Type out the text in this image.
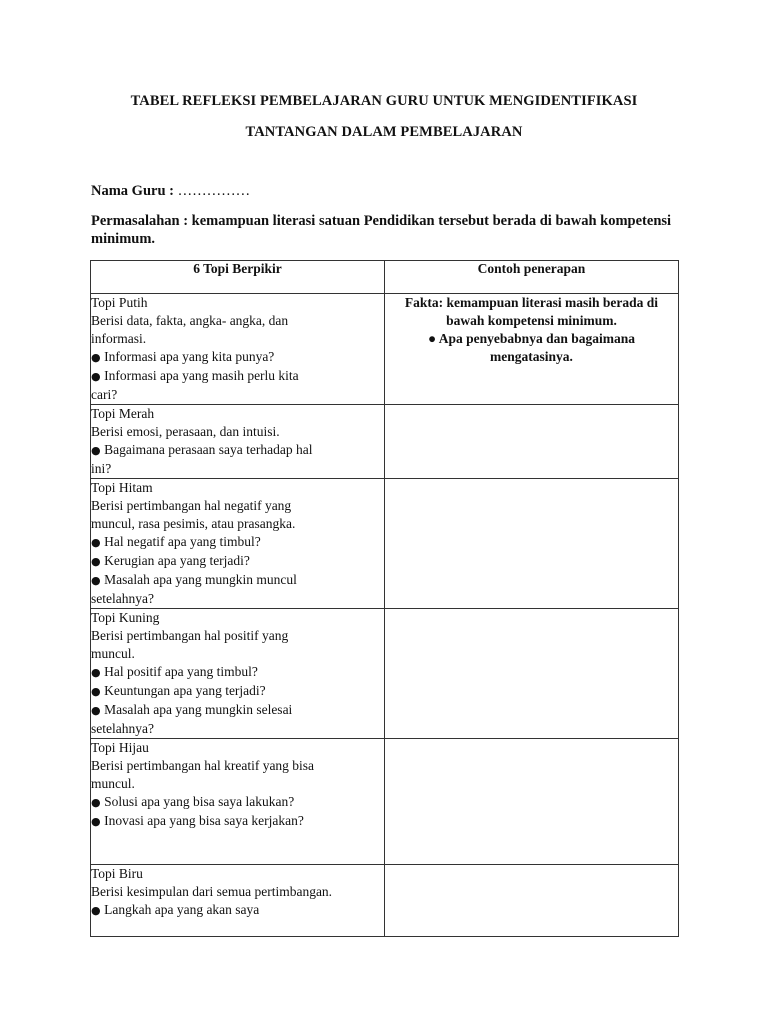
TABEL REFLEKSI PEMBELAJARAN GURU UNTUK MENGIDENTIFIKASI
TANTANGAN DALAM PEMBELAJARAN
Nama Guru : ……………
Permasalahan : kemampuan literasi satuan Pendidikan tersebut berada di bawah kompetensi minimum.
6 Topi Berpikir	Contoh penerapan

Topi Putih
Berisi data, fakta, angka- angka, dan informasi.
● Informasi apa yang kita punya?
● Informasi apa yang masih perlu kita cari?	Fakta: kemampuan literasi masih berada di bawah kompetensi minimum.
● Apa penyebabnya dan bagaimana mengatasinya.

Topi Merah
Berisi emosi, perasaan, dan intuisi.
● Bagaimana perasaan saya terhadap hal ini?	

Topi Hitam
Berisi pertimbangan hal negatif yang muncul, rasa pesimis, atau prasangka.
● Hal negatif apa yang timbul?
● Kerugian apa yang terjadi?
● Masalah apa yang mungkin muncul setelahnya?	

Topi Kuning
Berisi pertimbangan hal positif yang muncul.
● Hal positif apa yang timbul?
● Keuntungan apa yang terjadi?
● Masalah apa yang mungkin selesai setelahnya?	

Topi Hijau
Berisi pertimbangan hal kreatif yang bisa muncul.
● Solusi apa yang bisa saya lakukan?
● Inovasi apa yang bisa saya kerjakan?	

Topi Biru
Berisi kesimpulan dari semua pertimbangan.
● Langkah apa yang akan saya	
